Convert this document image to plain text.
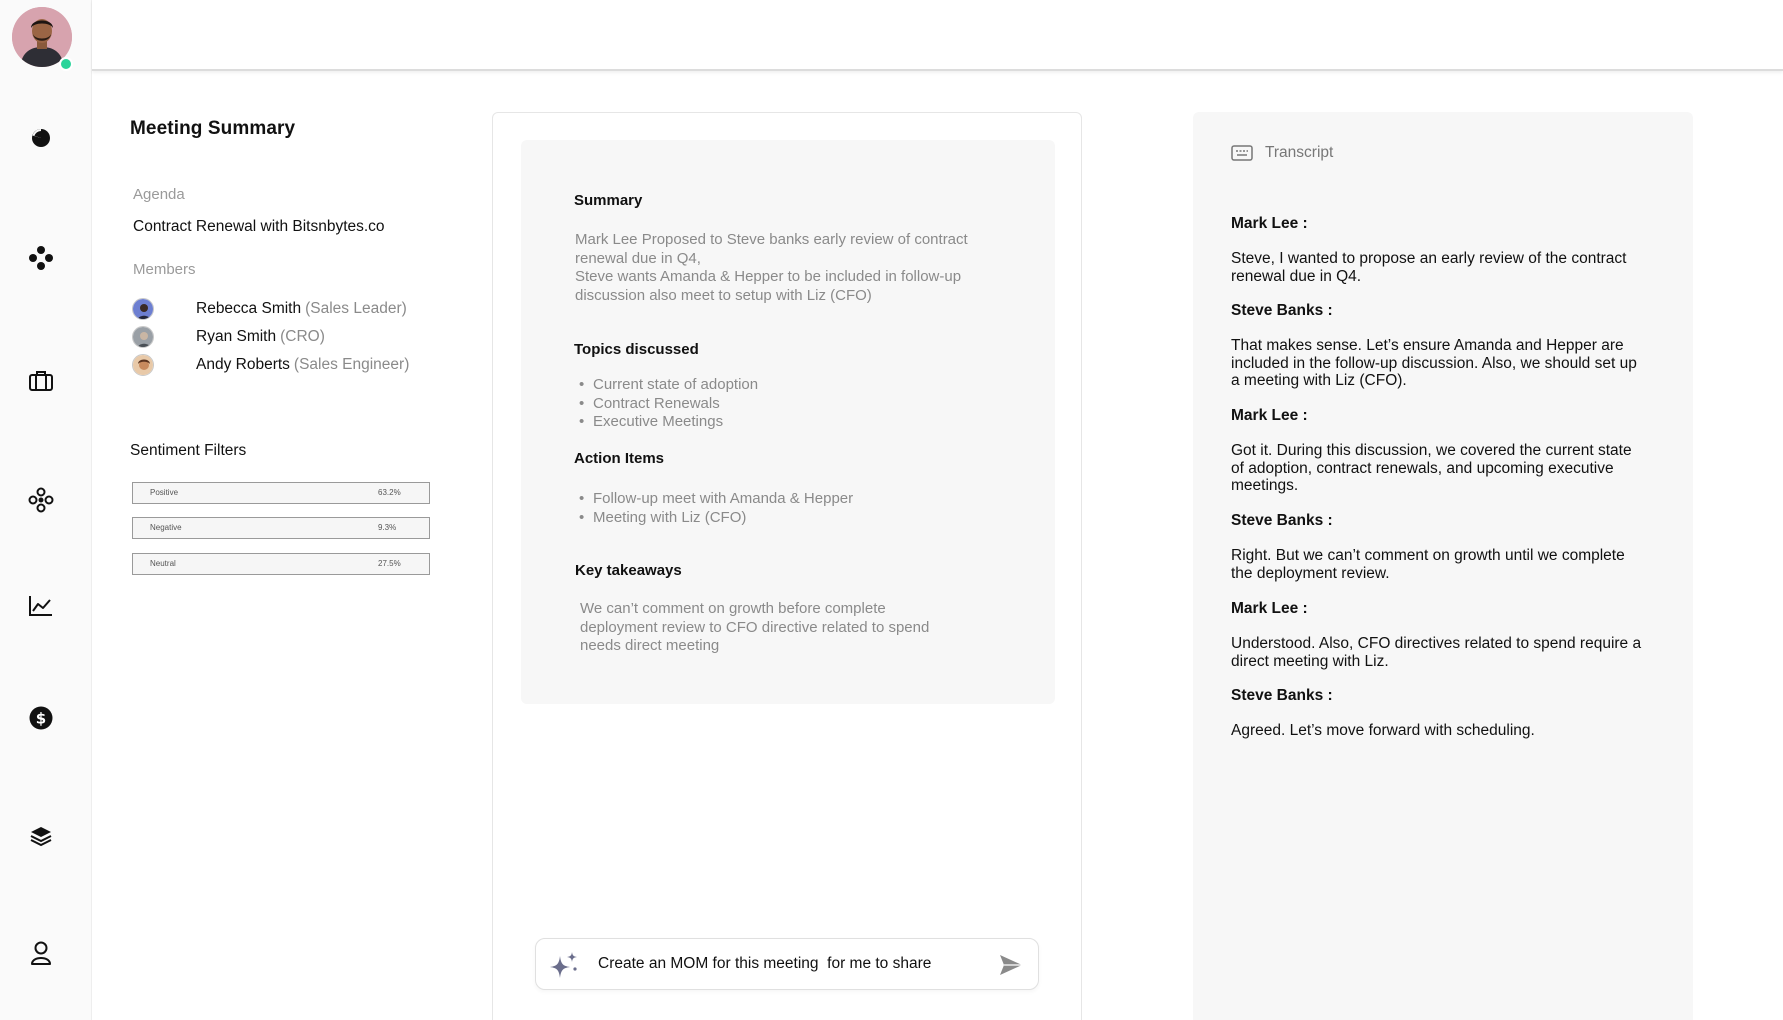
$
Meeting Summary
Agenda
Contract Renewal with Bitsnbytes.co
Members
Rebecca Smith (Sales Leader)
Ryan Smith (CRO)
Andy Roberts (Sales Engineer)
Sentiment Filters
Positive	63.2%
Negative	9.3%
Neutral	27.5%
Summary
Mark Lee Proposed to Steve banks early review of contract
renewal due in Q4,
Steve wants Amanda & Hepper to be included in follow-up
discussion also meet to setup with Liz (CFO)
Topics discussed
• Current state of adoption
• Contract Renewals
• Executive Meetings
Action Items
• Follow-up meet with Amanda & Hepper
• Meeting with Liz (CFO)
Key takeaways
We can’t comment on growth before complete
deployment review to CFO directive related to spend
needs direct meeting
Create an MOM for this meeting for me to share
Transcript
Mark Lee :
Steve, I wanted to propose an early review of the contract
renewal due in Q4.
Steve Banks :
That makes sense. Let’s ensure Amanda and Hepper are
included in the follow-up discussion. Also, we should set up
a meeting with Liz (CFO).
Mark Lee :
Got it. During this discussion, we covered the current state
of adoption, contract renewals, and upcoming executive
meetings.
Steve Banks :
Right. But we can’t comment on growth until we complete
the deployment review.
Mark Lee :
Understood. Also, CFO directives related to spend require a
direct meeting with Liz.
Steve Banks :
Agreed. Let’s move forward with scheduling.
